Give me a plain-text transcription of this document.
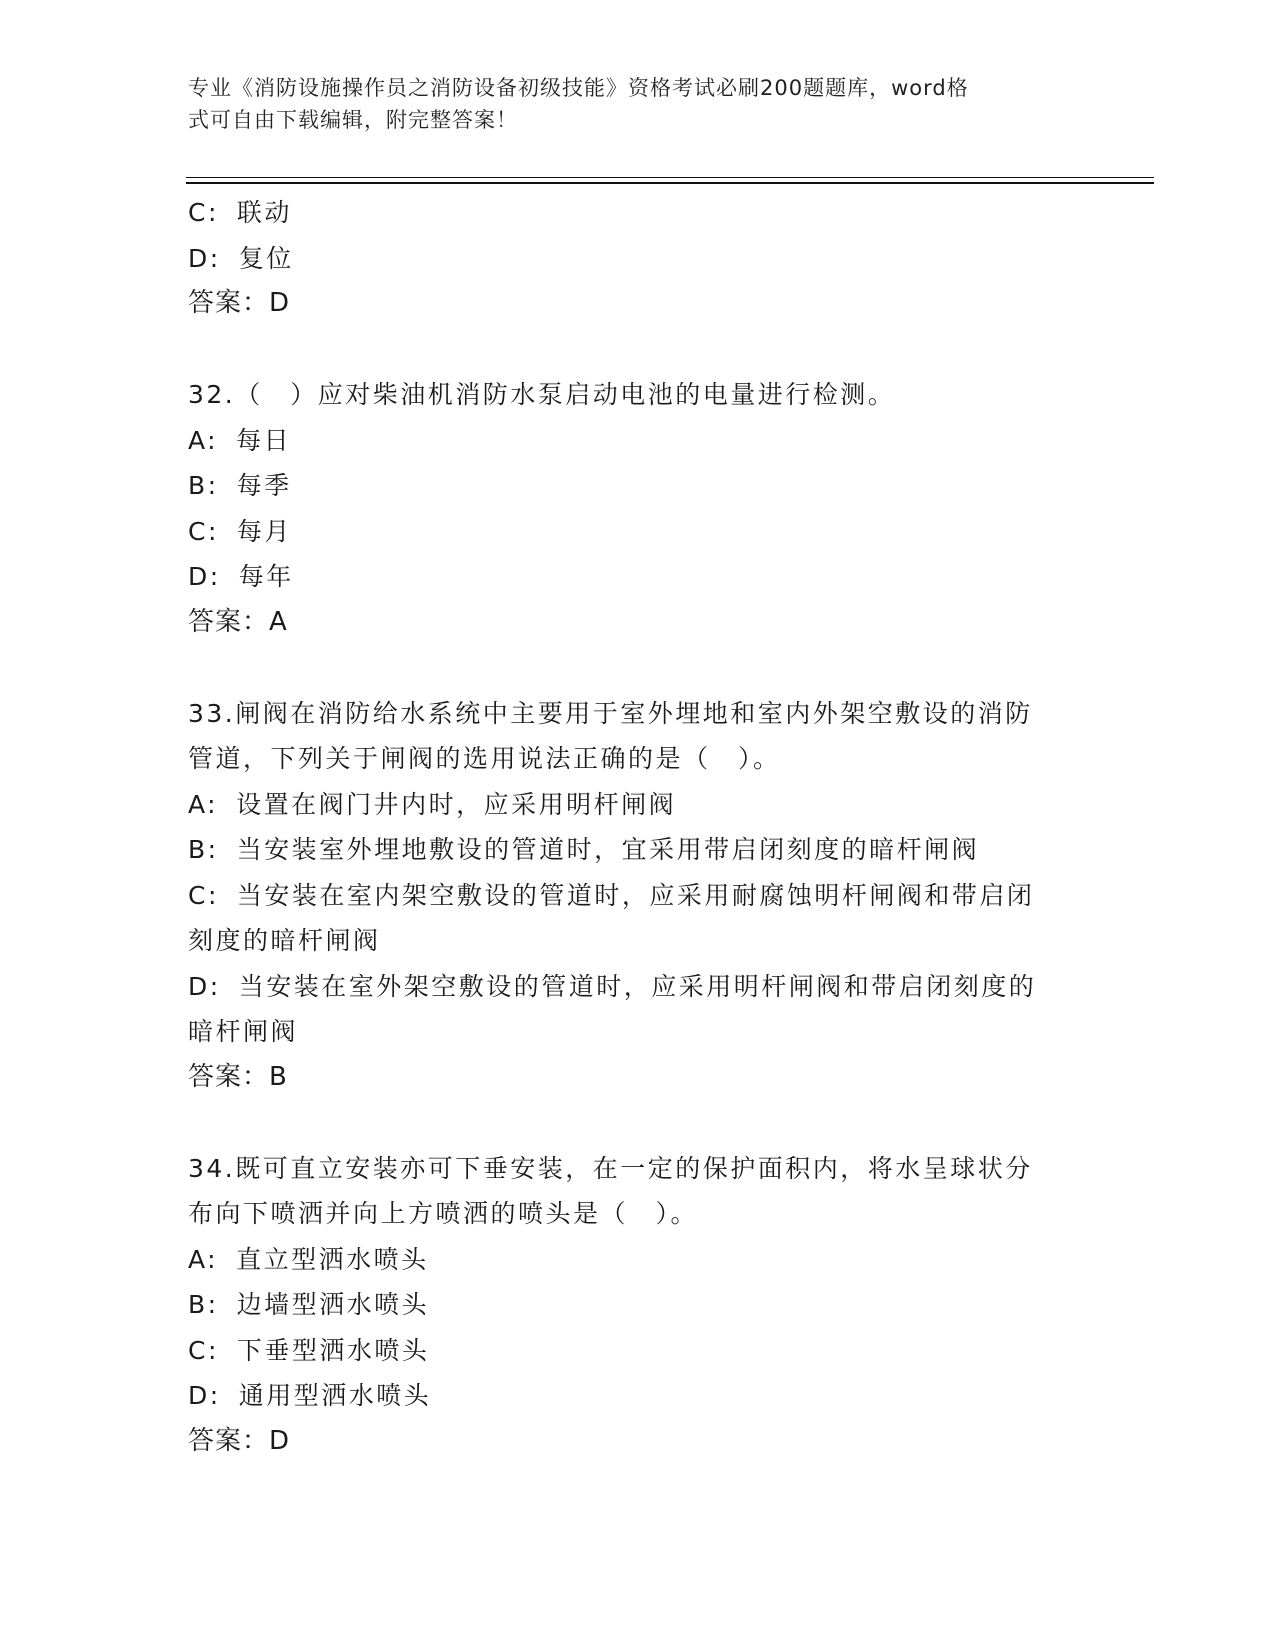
专业《消防设施操作员之消防设备初级技能》资格考试必刷200题题库，word格
式可自由下载编辑，附完整答案！
C: 联动
D: 复位
答案：D
32.（　）应对柴油机消防水泵启动电池的电量进行检测。
A: 每日
B: 每季
C: 每月
D: 每年
答案：A
33.闸阀在消防给水系统中主要用于室外埋地和室内外架空敷设的消防
管道，下列关于闸阀的选用说法正确的是（　）。
A: 设置在阀门井内时，应采用明杆闸阀
B: 当安装室外埋地敷设的管道时，宜采用带启闭刻度的暗杆闸阀
C: 当安装在室内架空敷设的管道时，应采用耐腐蚀明杆闸阀和带启闭
刻度的暗杆闸阀
D: 当安装在室外架空敷设的管道时，应采用明杆闸阀和带启闭刻度的
暗杆闸阀
答案：B
34.既可直立安装亦可下垂安装，在一定的保护面积内，将水呈球状分
布向下喷洒并向上方喷洒的喷头是（　）。
A: 直立型洒水喷头
B: 边墙型洒水喷头
C: 下垂型洒水喷头
D: 通用型洒水喷头
答案：D
